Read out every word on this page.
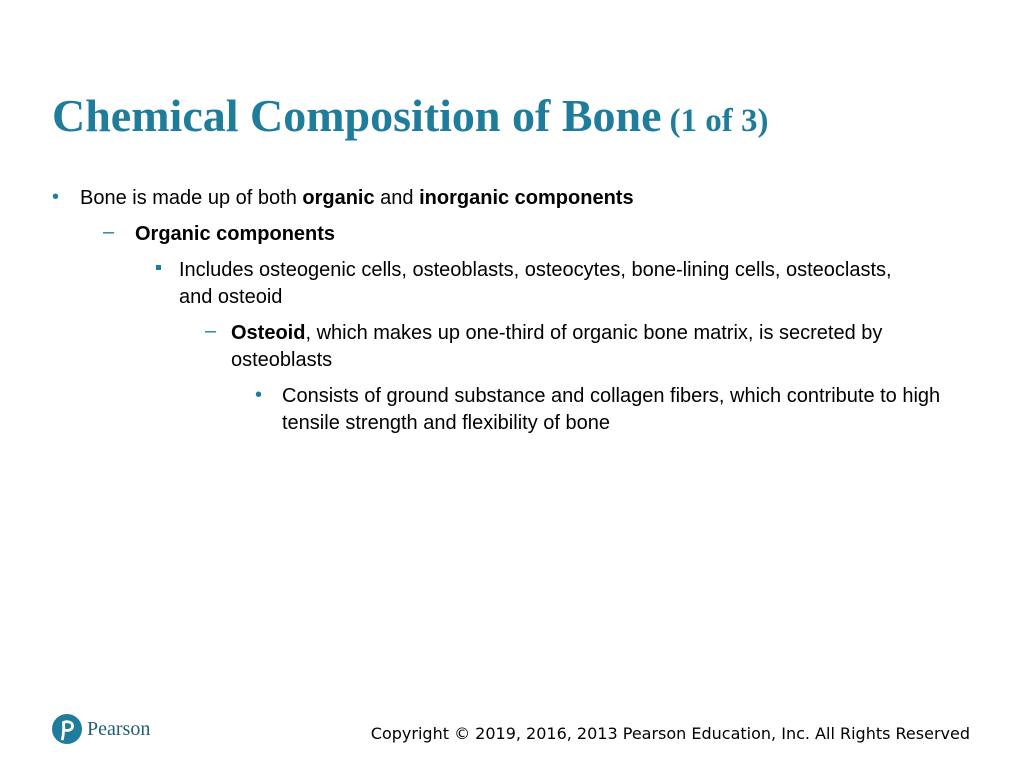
Chemical Composition of Bone (1 of 3)
• Bone is made up of both organic and inorganic components
– Organic components
Includes osteogenic cells, osteoblasts, osteocytes, bone-lining cells, osteoclasts, and osteoid
– Osteoid, which makes up one-third of organic bone matrix, is secreted by osteoblasts
• Consists of ground substance and collagen fibers, which contribute to high tensile strength and flexibility of bone
Pearson	Copyright © 2019, 2016, 2013 Pearson Education, Inc. All Rights Reserved
